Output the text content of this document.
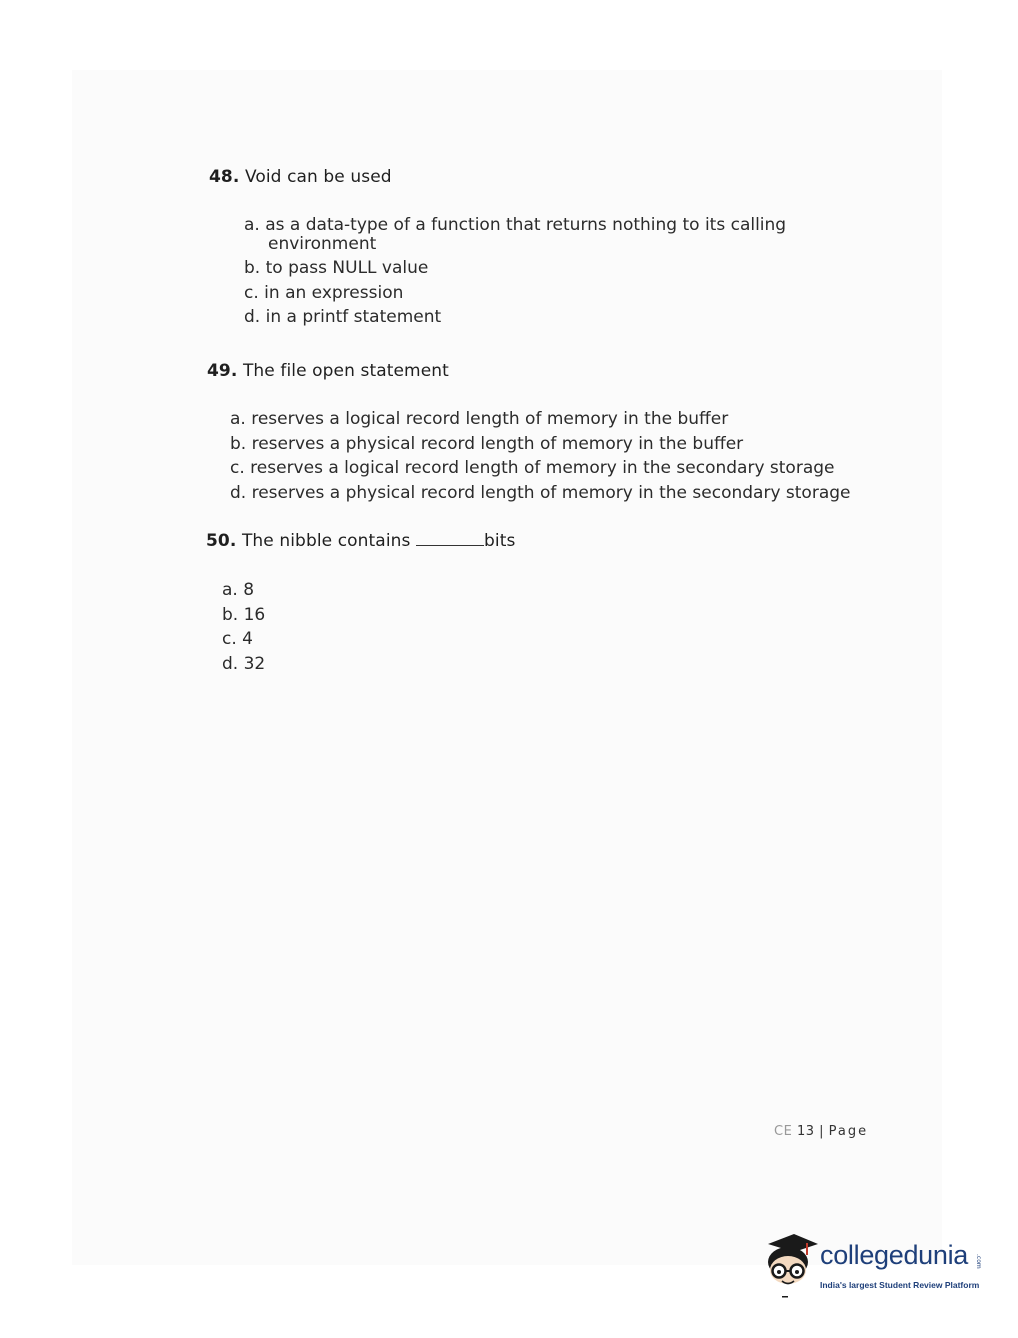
48. Void can be used
a. as a data-type of a function that returns nothing to its calling
environment
b. to pass NULL value
c. in an expression
d. in a printf statement
49. The file open statement
a. reserves a logical record length of memory in the buffer
b. reserves a physical record length of memory in the buffer
c. reserves a logical record length of memory in the secondary storage
d. reserves a physical record length of memory in the secondary storage
50. The nibble contains	bits
a. 8
b. 16
c. 4
d. 32
CE 13 | Page
collegedunia .com
India's largest Student Review Platform
